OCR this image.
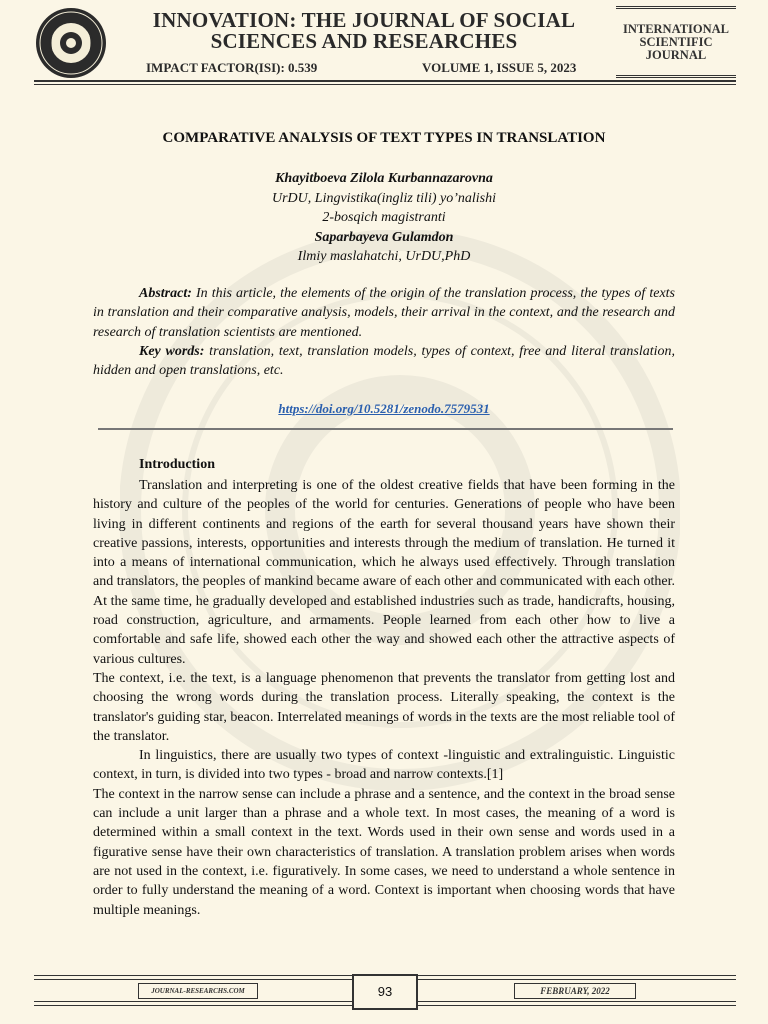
INNOVATION: THE JOURNAL OF SOCIAL
SCIENCES AND RESEARCHES
IMPACT FACTOR(ISI): 0.539	VOLUME 1, ISSUE 5, 2023
INTERNATIONAL
SCIENTIFIC
JOURNAL
COMPARATIVE ANALYSIS OF TEXT TYPES IN TRANSLATION
Khayitboeva Zilola Kurbannazarovna
UrDU, Lingvistika(ingliz tili) yo’nalishi
2-bosqich magistranti
Saparbayeva Gulamdon
Ilmiy maslahatchi, UrDU,PhD
Abstract: In this article, the elements of the origin of the translation process, the types of texts in translation and their comparative analysis, models, their arrival in the context, and the research and research of translation scientists are mentioned.
Key words: translation, text, translation models, types of context, free and literal translation, hidden and open translations, etc.
https://doi.org/10.5281/zenodo.7579531
Introduction

Translation and interpreting is one of the oldest creative fields that have been forming in the history and culture of the peoples of the world for centuries. Generations of people who have been living in different continents and regions of the earth for several thousand years have shown their creative passions, interests, opportunities and interests through the medium of translation. He turned it into a means of international communication, which he always used effectively. Through translation and translators, the peoples of mankind became aware of each other and communicated with each other. At the same time, he gradually developed and established industries such as trade, handicrafts, housing, road construction, agriculture, and armaments. People learned from each other how to live a comfortable and safe life, showed each other the way and showed each other the attractive aspects of various cultures.

The context, i.e. the text, is a language phenomenon that prevents the translator from getting lost and choosing the wrong words during the translation process. Literally speaking, the context is the translator's guiding star, beacon. Interrelated meanings of words in the texts are the most reliable tool of the translator.

In linguistics, there are usually two types of context -linguistic and extralinguistic. Linguistic context, in turn, is divided into two types - broad and narrow contexts.[1]

The context in the narrow sense can include a phrase and a sentence, and the context in the broad sense can include a unit larger than a phrase and a whole text. In most cases, the meaning of a word is determined within a small context in the text. Words used in their own sense and words used in a figurative sense have their own characteristics of translation. A translation problem arises when words are not used in the context, i.e. figuratively. In some cases, we need to understand a whole sentence in order to fully understand the meaning of a word. Context is important when choosing words that have multiple meanings.

JOURNAL-RESEARCHS.COM	FEBRUARY, 2022
93
